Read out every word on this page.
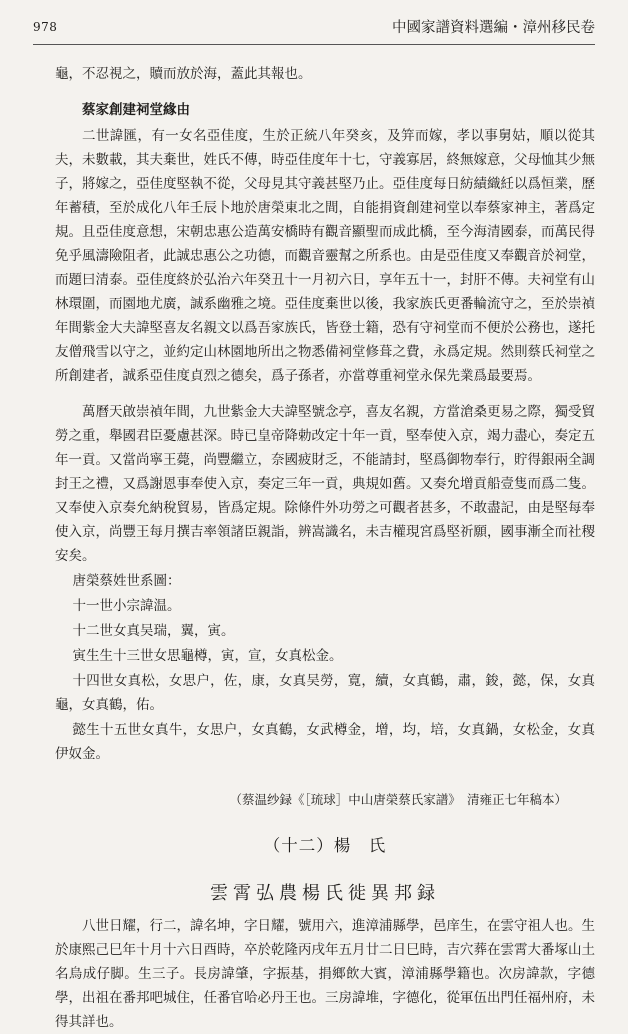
978	中國家譜資料選編・漳州移民卷

龜，不忍視之，贖而放於海，蓋此其報也。

蔡家創建祠堂緣由

二世諱匯，有一女名亞佳度，生於正統八年癸亥，及笄而嫁，孝以事舅姑，順以從其夫，未數載，其夫棄世，姓氏不傳，時亞佳度年十七，守義寡居，終無嫁意，父母恤其少無子，將嫁之，亞佳度堅執不從，父母見其守義甚堅乃止。亞佳度每日紡績織紝以爲恒業，歷年蓄積，至於成化八年壬辰卜地於唐榮東北之間，自能捐資創建祠堂以奉蔡家神主，著爲定規。且亞佳度意想，宋朝忠惠公造萬安橋時有觀音顯聖而成此橋，至今海清國泰，而萬民得免乎風濤險阻者，此誠忠惠公之功德，而觀音靈幫之所系也。由是亞佳度又奉觀音於祠堂，而題曰清泰。亞佳度終於弘治六年癸丑十一月初六日，享年五十一，封肝不傳。夫祠堂有山林環圍，而園地尤廣，誠系幽雅之境。亞佳度棄世以後，我家族氏更番輪流守之，至於崇禎年間紫金大夫諱堅喜友名親文以爲吾家族氏，皆登士籍，恐有守祠堂而不便於公務也，遂托友僧飛雪以守之，並約定山林園地所出之物悉備祠堂修葺之費，永爲定規。然則蔡氏祠堂之所創建者，誠系亞佳度貞烈之德矣，爲子孫者，亦當尊重祠堂永保先業爲最要焉。

萬曆天啟崇禎年間，九世紫金大夫諱堅號念亭，喜友名親，方當滄桑更易之際，獨受貿勞之重，舉國君臣憂慮甚深。時已皇帝降勅改定十年一貢，堅奉使入京，竭力盡心，奏定五年一貢。又當尚寧王薨，尚豐繼立，奈國疲財乏，不能請封，堅爲御物奉行，貯得銀兩全調封王之禮，又爲謝恩事奉使入京，奏定三年一貢，典規如舊。又奏允增貢船壹隻而爲二隻。又奉使入京奏允納稅貿易，皆爲定規。除條件外功勞之可觀者甚多，不敢盡記，由是堅每奉使入京，尚豐王每月撰吉率領諸臣親詣，辨嵩識名，未吉權現宮爲堅祈願，國事漸全而社稷安矣。

唐榮蔡姓世系圖：

十一世小宗諱温。

十二世女真吴瑞，翼，寅。

寅生生十三世女思龜樽，寅，宣，女真松金。

十四世女真松，女思户，佐，康，女真吴勞，寛，續，女真鶴，肅，鋑，懿，保，女真龜，女真鶴，佑。

懿生十五世女真牛，女思户，女真鶴，女武樽金，增，均，培，女真鍋，女松金，女真伊奴金。

（蔡温纱録《［琉球］中山唐榮蔡氏家譜》　清雍正七年稿本）

（十二）楊　氏

雲霄弘農楊氏徙異邦録

八世日耀，行二，諱名坤，字日耀，號用六，進漳浦縣學，邑庠生，在雲守祖人也。生於康熙己巳年十月十六日酉時，卒於乾隆丙戌年五月廿二日巳時，吉穴葬在雲霄大番塚山土名烏成仔脚。生三子。長房諱肇，字振基，捐鄉飲大賓，漳浦縣學籍也。次房諱款，字德學，出祖在番邦吧城住，任番官哈必丹王也。三房諱堆，字德化，從軍伍出門任福州府，未得其詳也。
